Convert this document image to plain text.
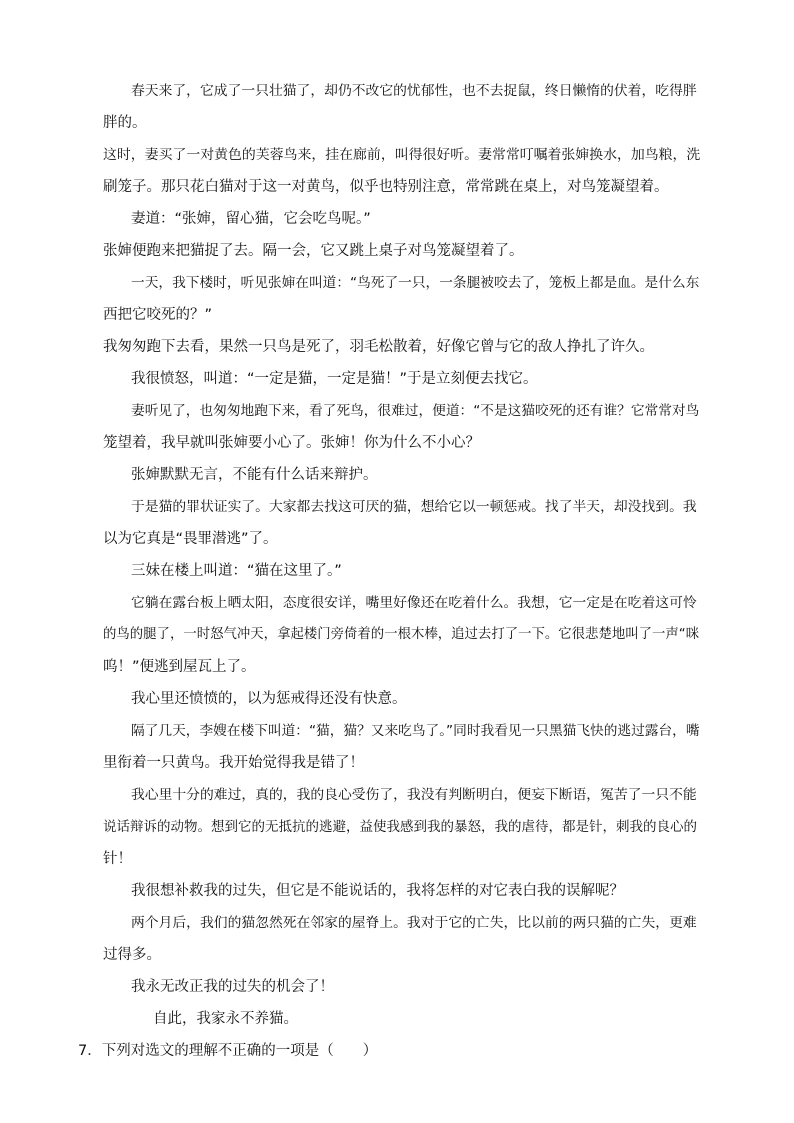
春天来了，它成了一只壮猫了，却仍不改它的忧郁性，也不去捉鼠，终日懒惰的伏着，吃得胖
胖的。
这时，妻买了一对黄色的芙蓉鸟来，挂在廊前，叫得很好听。妻常常叮嘱着张婶换水，加鸟粮，洗
刷笼子。那只花白猫对于这一对黄鸟，似乎也特别注意，常常跳在桌上，对鸟笼凝望着。
妻道：“张婶，留心猫，它会吃鸟呢。”
张婶便跑来把猫捉了去。隔一会，它又跳上桌子对鸟笼凝望着了。
一天，我下楼时，听见张婶在叫道：“鸟死了一只，一条腿被咬去了，笼板上都是血。是什么东
西把它咬死的？”
我匆匆跑下去看，果然一只鸟是死了，羽毛松散着，好像它曾与它的敌人挣扎了许久。
我很愤怒，叫道：“一定是猫，一定是猫！”于是立刻便去找它。
妻听见了，也匆匆地跑下来，看了死鸟，很难过，便道：“不是这猫咬死的还有谁？它常常对鸟
笼望着，我早就叫张婶要小心了。张婶！你为什么不小心？
张婶默默无言，不能有什么话来辩护。
于是猫的罪状证实了。大家都去找这可厌的猫，想给它以一顿惩戒。找了半天，却没找到。我
以为它真是“畏罪潜逃”了。
三妹在楼上叫道：“猫在这里了。”
它躺在露台板上晒太阳，态度很安详，嘴里好像还在吃着什么。我想，它一定是在吃着这可怜
的鸟的腿了，一时怒气冲天，拿起楼门旁倚着的一根木棒，追过去打了一下。它很悲楚地叫了一声“咪
呜！”便逃到屋瓦上了。
我心里还愤愤的，以为惩戒得还没有快意。
隔了几天，李嫂在楼下叫道：“猫，猫？又来吃鸟了。”同时我看见一只黑猫飞快的逃过露台，嘴
里衔着一只黄鸟。我开始觉得我是错了！
我心里十分的难过，真的，我的良心受伤了，我没有判断明白，便妄下断语，冤苦了一只不能
说话辩诉的动物。想到它的无抵抗的逃避，益使我感到我的暴怒，我的虐待，都是针，刺我的良心的
针！
我很想补救我的过失，但它是不能说话的，我将怎样的对它表白我的误解呢？
两个月后，我们的猫忽然死在邻家的屋脊上。我对于它的亡失，比以前的两只猫的亡失，更难
过得多。
我永无改正我的过失的机会了！
自此，我家永不养猫。
7．下列对选文的理解不正确的一项是（　　）
